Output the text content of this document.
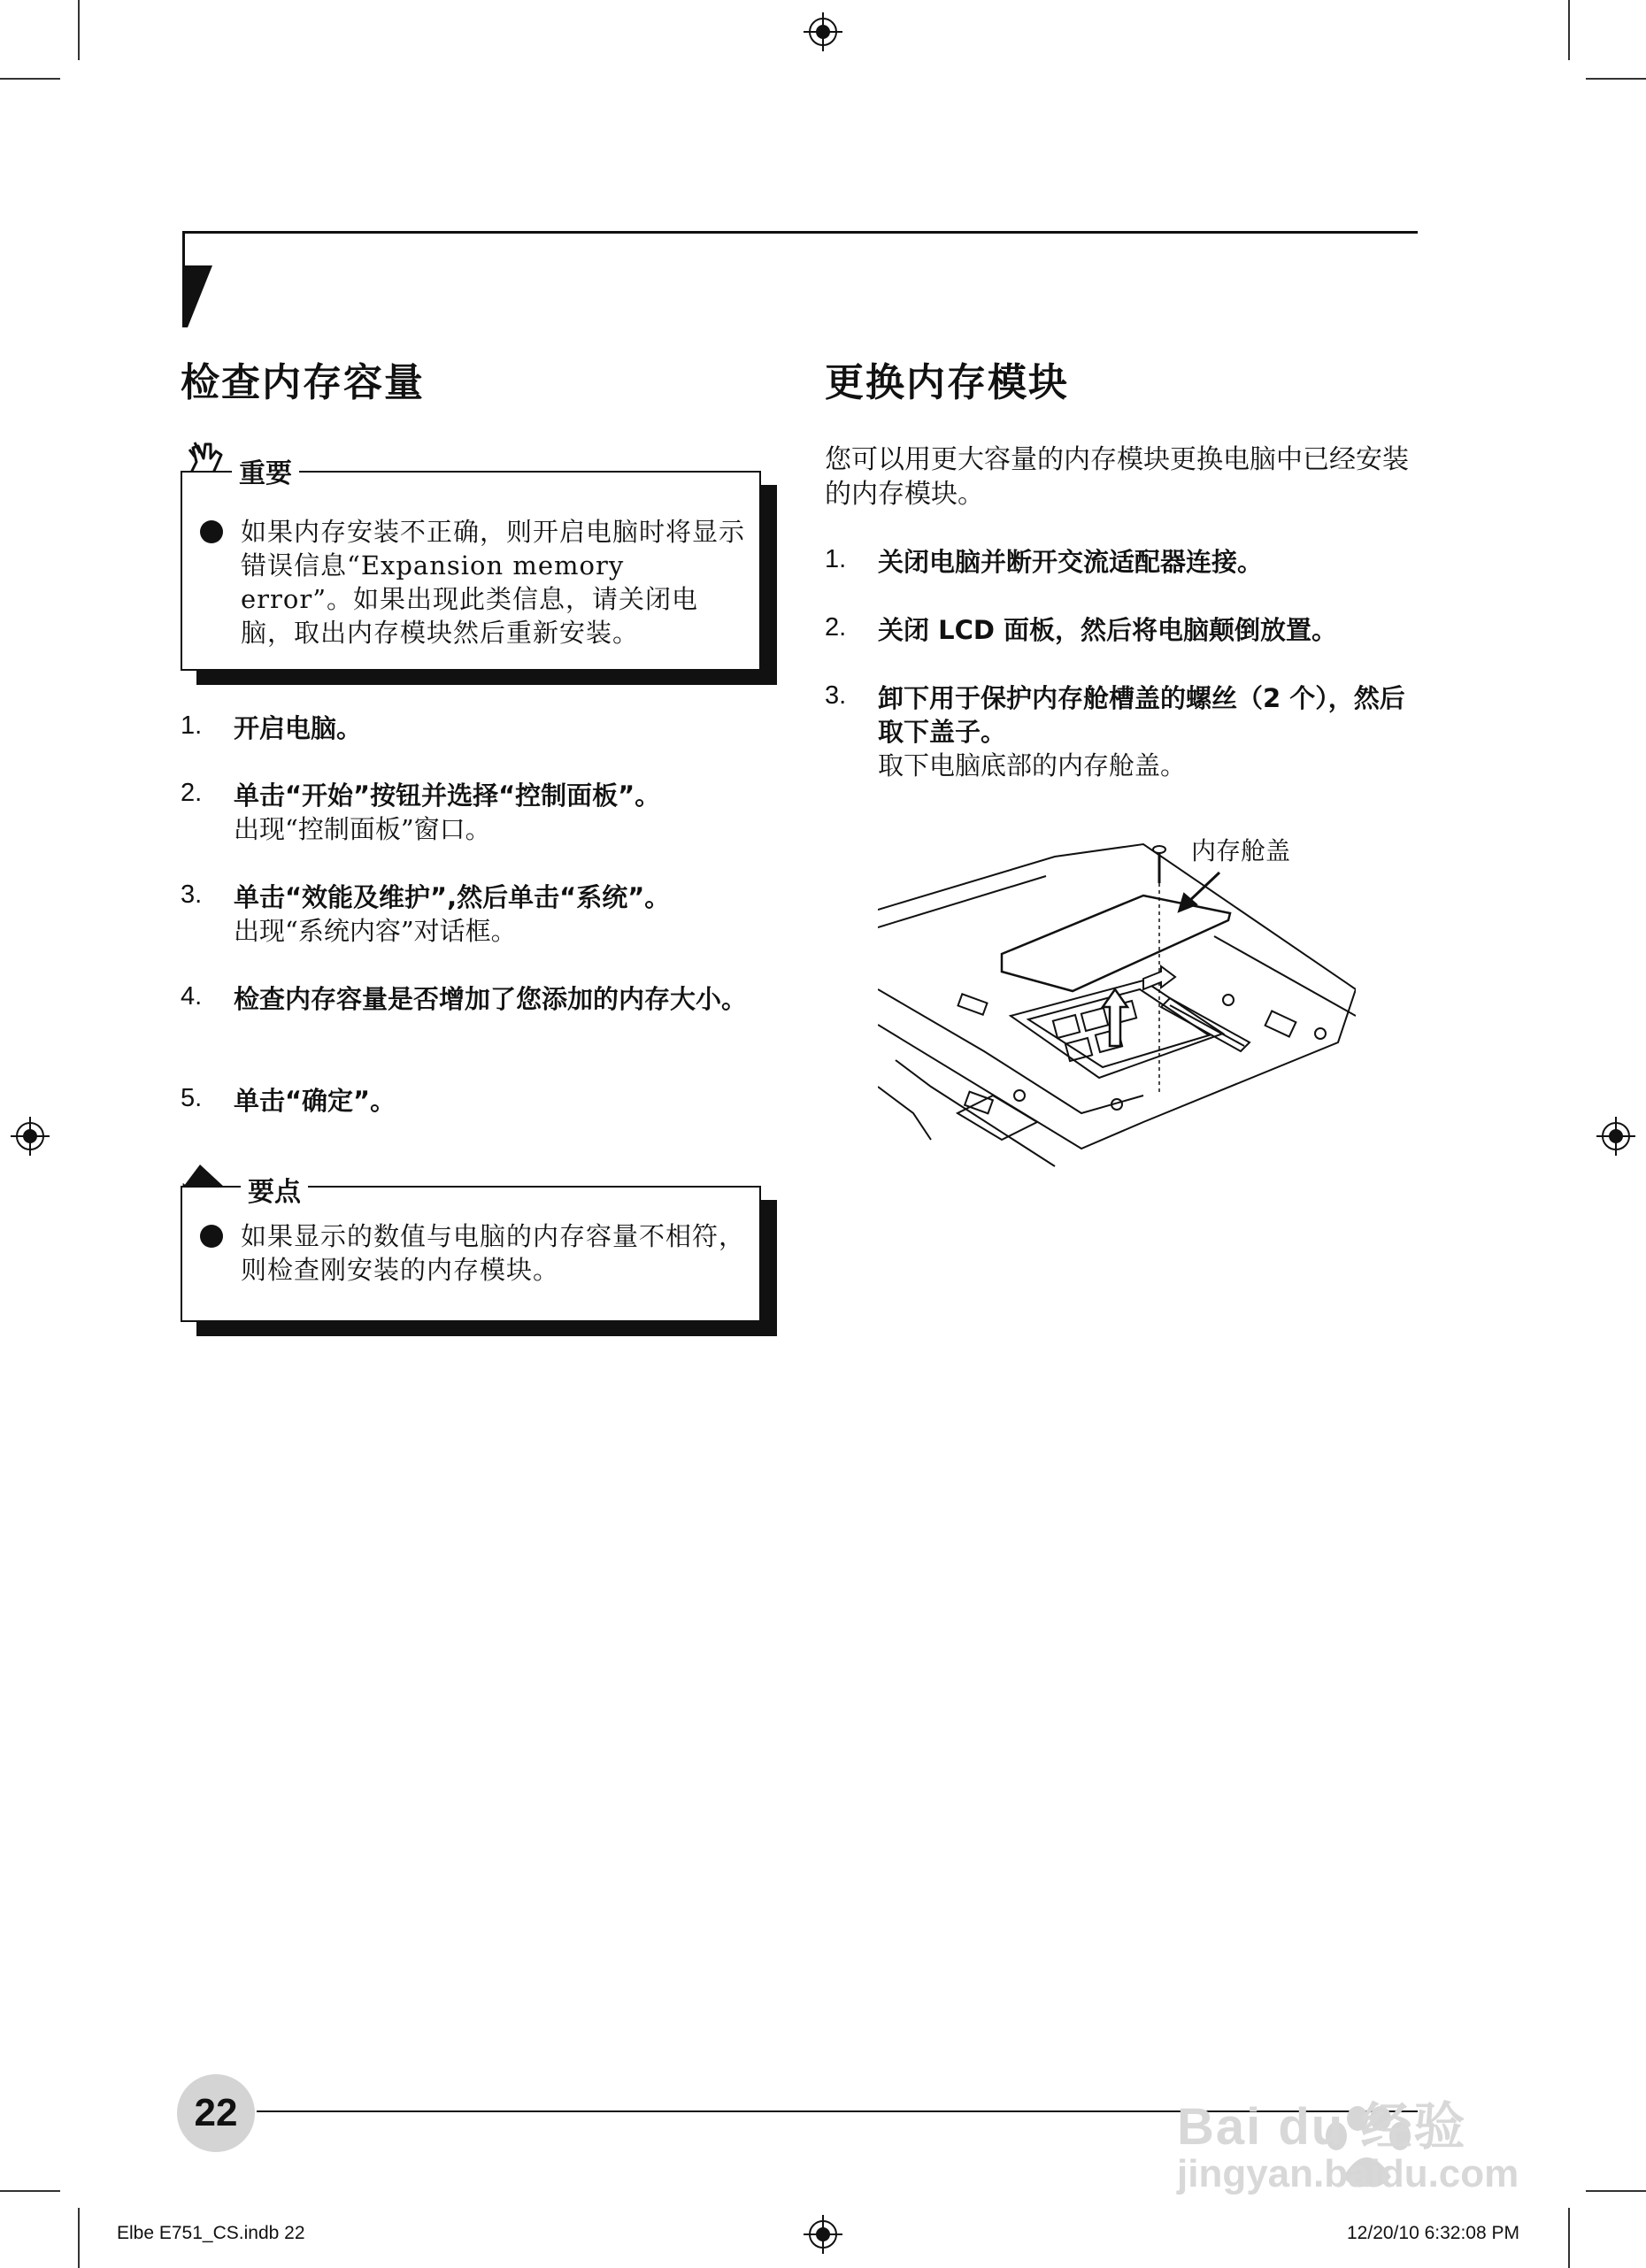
检查内存容量
如果内存安装不正确，则开启电脑时将显示错误信息“Expansion memory error”。如果出现此类信息，请关闭电脑，取出内存模块然后重新安装。
重要
1.	开启电脑。
2.	单击“开始”按钮并选择“控制面板”。
出现“控制面板”窗口。
3.	单击“效能及维护”,然后单击“系统”。
出现“系统内容”对话框。
4.	检查内存容量是否增加了您添加的内存大小。
5.	单击“确定”。
如果显示的数值与电脑的内存容量不相符，则检查刚安装的内存模块。
要点
更换内存模块
您可以用更大容量的内存模块更换电脑中已经安装的内存模块。
1.	关闭电脑并断开交流适配器连接。
2.	关闭 LCD 面板，然后将电脑颠倒放置。
3.	卸下用于保护内存舱槽盖的螺丝（2 个），然后取下盖子。
取下电脑底部的内存舱盖。
内存舱盖
22
Elbe E751_CS.indb 22	12/20/10 6:32:08 PM
Bai du 经验
jingyan.baidu.com
